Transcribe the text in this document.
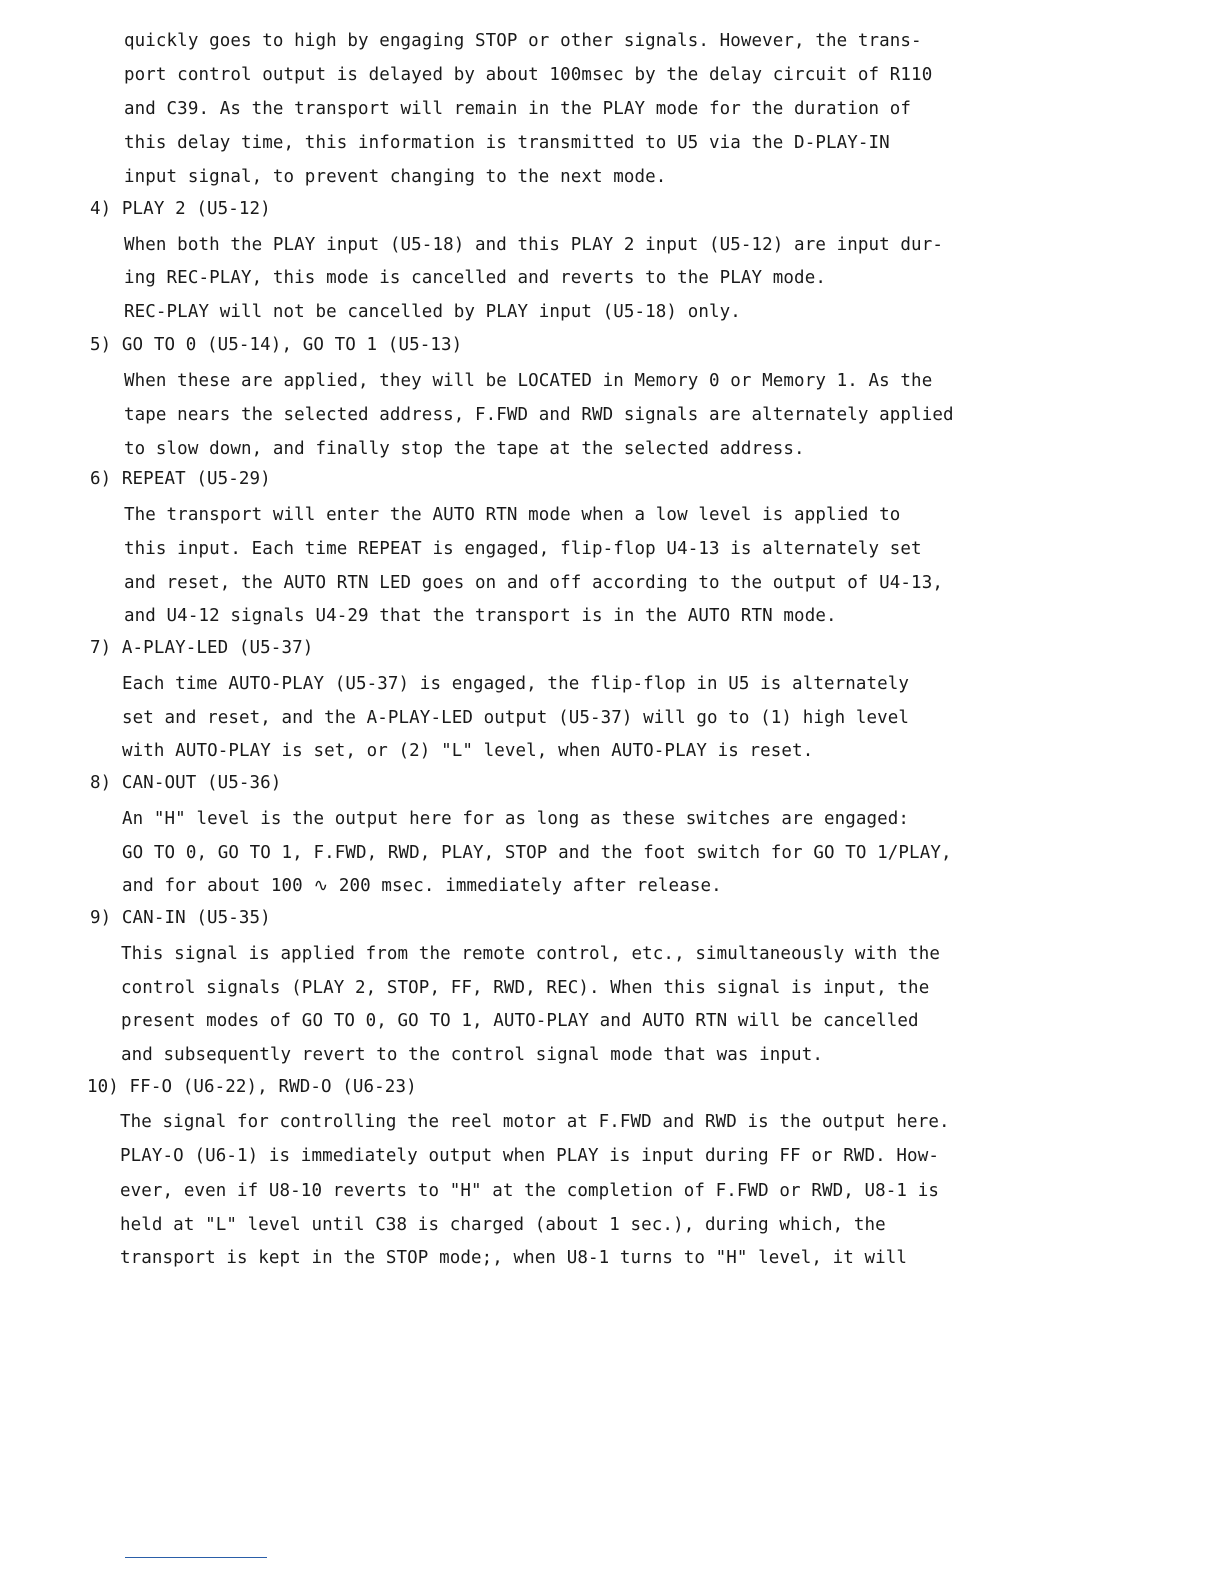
quickly goes to high by engaging STOP or other signals. However, the trans-
port control output is delayed by about 100msec by the delay circuit of R110
and C39. As the transport will remain in the PLAY mode for the duration of
this delay time, this information is transmitted to U5 via the D-PLAY-IN
input signal, to prevent changing to the next mode.
4) PLAY 2 (U5-12)
When both the PLAY input (U5-18) and this PLAY 2 input (U5-12) are input dur-
ing REC-PLAY, this mode is cancelled and reverts to the PLAY mode.
REC-PLAY will not be cancelled by PLAY input (U5-18) only.
5) GO TO 0 (U5-14), GO TO 1 (U5-13)
When these are applied, they will be LOCATED in Memory 0 or Memory 1. As the
tape nears the selected address, F.FWD and RWD signals are alternately applied
to slow down, and finally stop the tape at the selected address.
6) REPEAT (U5-29)
The transport will enter the AUTO RTN mode when a low level is applied to
this input. Each time REPEAT is engaged, flip-flop U4-13 is alternately set
and reset, the AUTO RTN LED goes on and off according to the output of U4-13,
and U4-12 signals U4-29 that the transport is in the AUTO RTN mode.
7) A-PLAY-LED (U5-37)
Each time AUTO-PLAY (U5-37) is engaged, the flip-flop in U5 is alternately
set and reset, and the A-PLAY-LED output (U5-37) will go to (1) high level
with AUTO-PLAY is set, or (2) "L" level, when AUTO-PLAY is reset.
8) CAN-OUT (U5-36)
An "H" level is the output here for as long as these switches are engaged:
GO TO 0, GO TO 1, F.FWD, RWD, PLAY, STOP and the foot switch for GO TO 1/PLAY,
and for about 100 ∿ 200 msec. immediately after release.
9) CAN-IN (U5-35)
This signal is applied from the remote control, etc., simultaneously with the
control signals (PLAY 2, STOP, FF, RWD, REC). When this signal is input, the
present modes of GO TO 0, GO TO 1, AUTO-PLAY and AUTO RTN will be cancelled
and subsequently revert to the control signal mode that was input.
10) FF-O (U6-22), RWD-O (U6-23)
The signal for controlling the reel motor at F.FWD and RWD is the output here.
PLAY-O (U6-1) is immediately output when PLAY is input during FF or RWD. How-
ever, even if U8-10 reverts to "H" at the completion of F.FWD or RWD, U8-1 is
held at "L" level until C38 is charged (about 1 sec.), during which, the
transport is kept in the STOP mode;, when U8-1 turns to "H" level, it will
